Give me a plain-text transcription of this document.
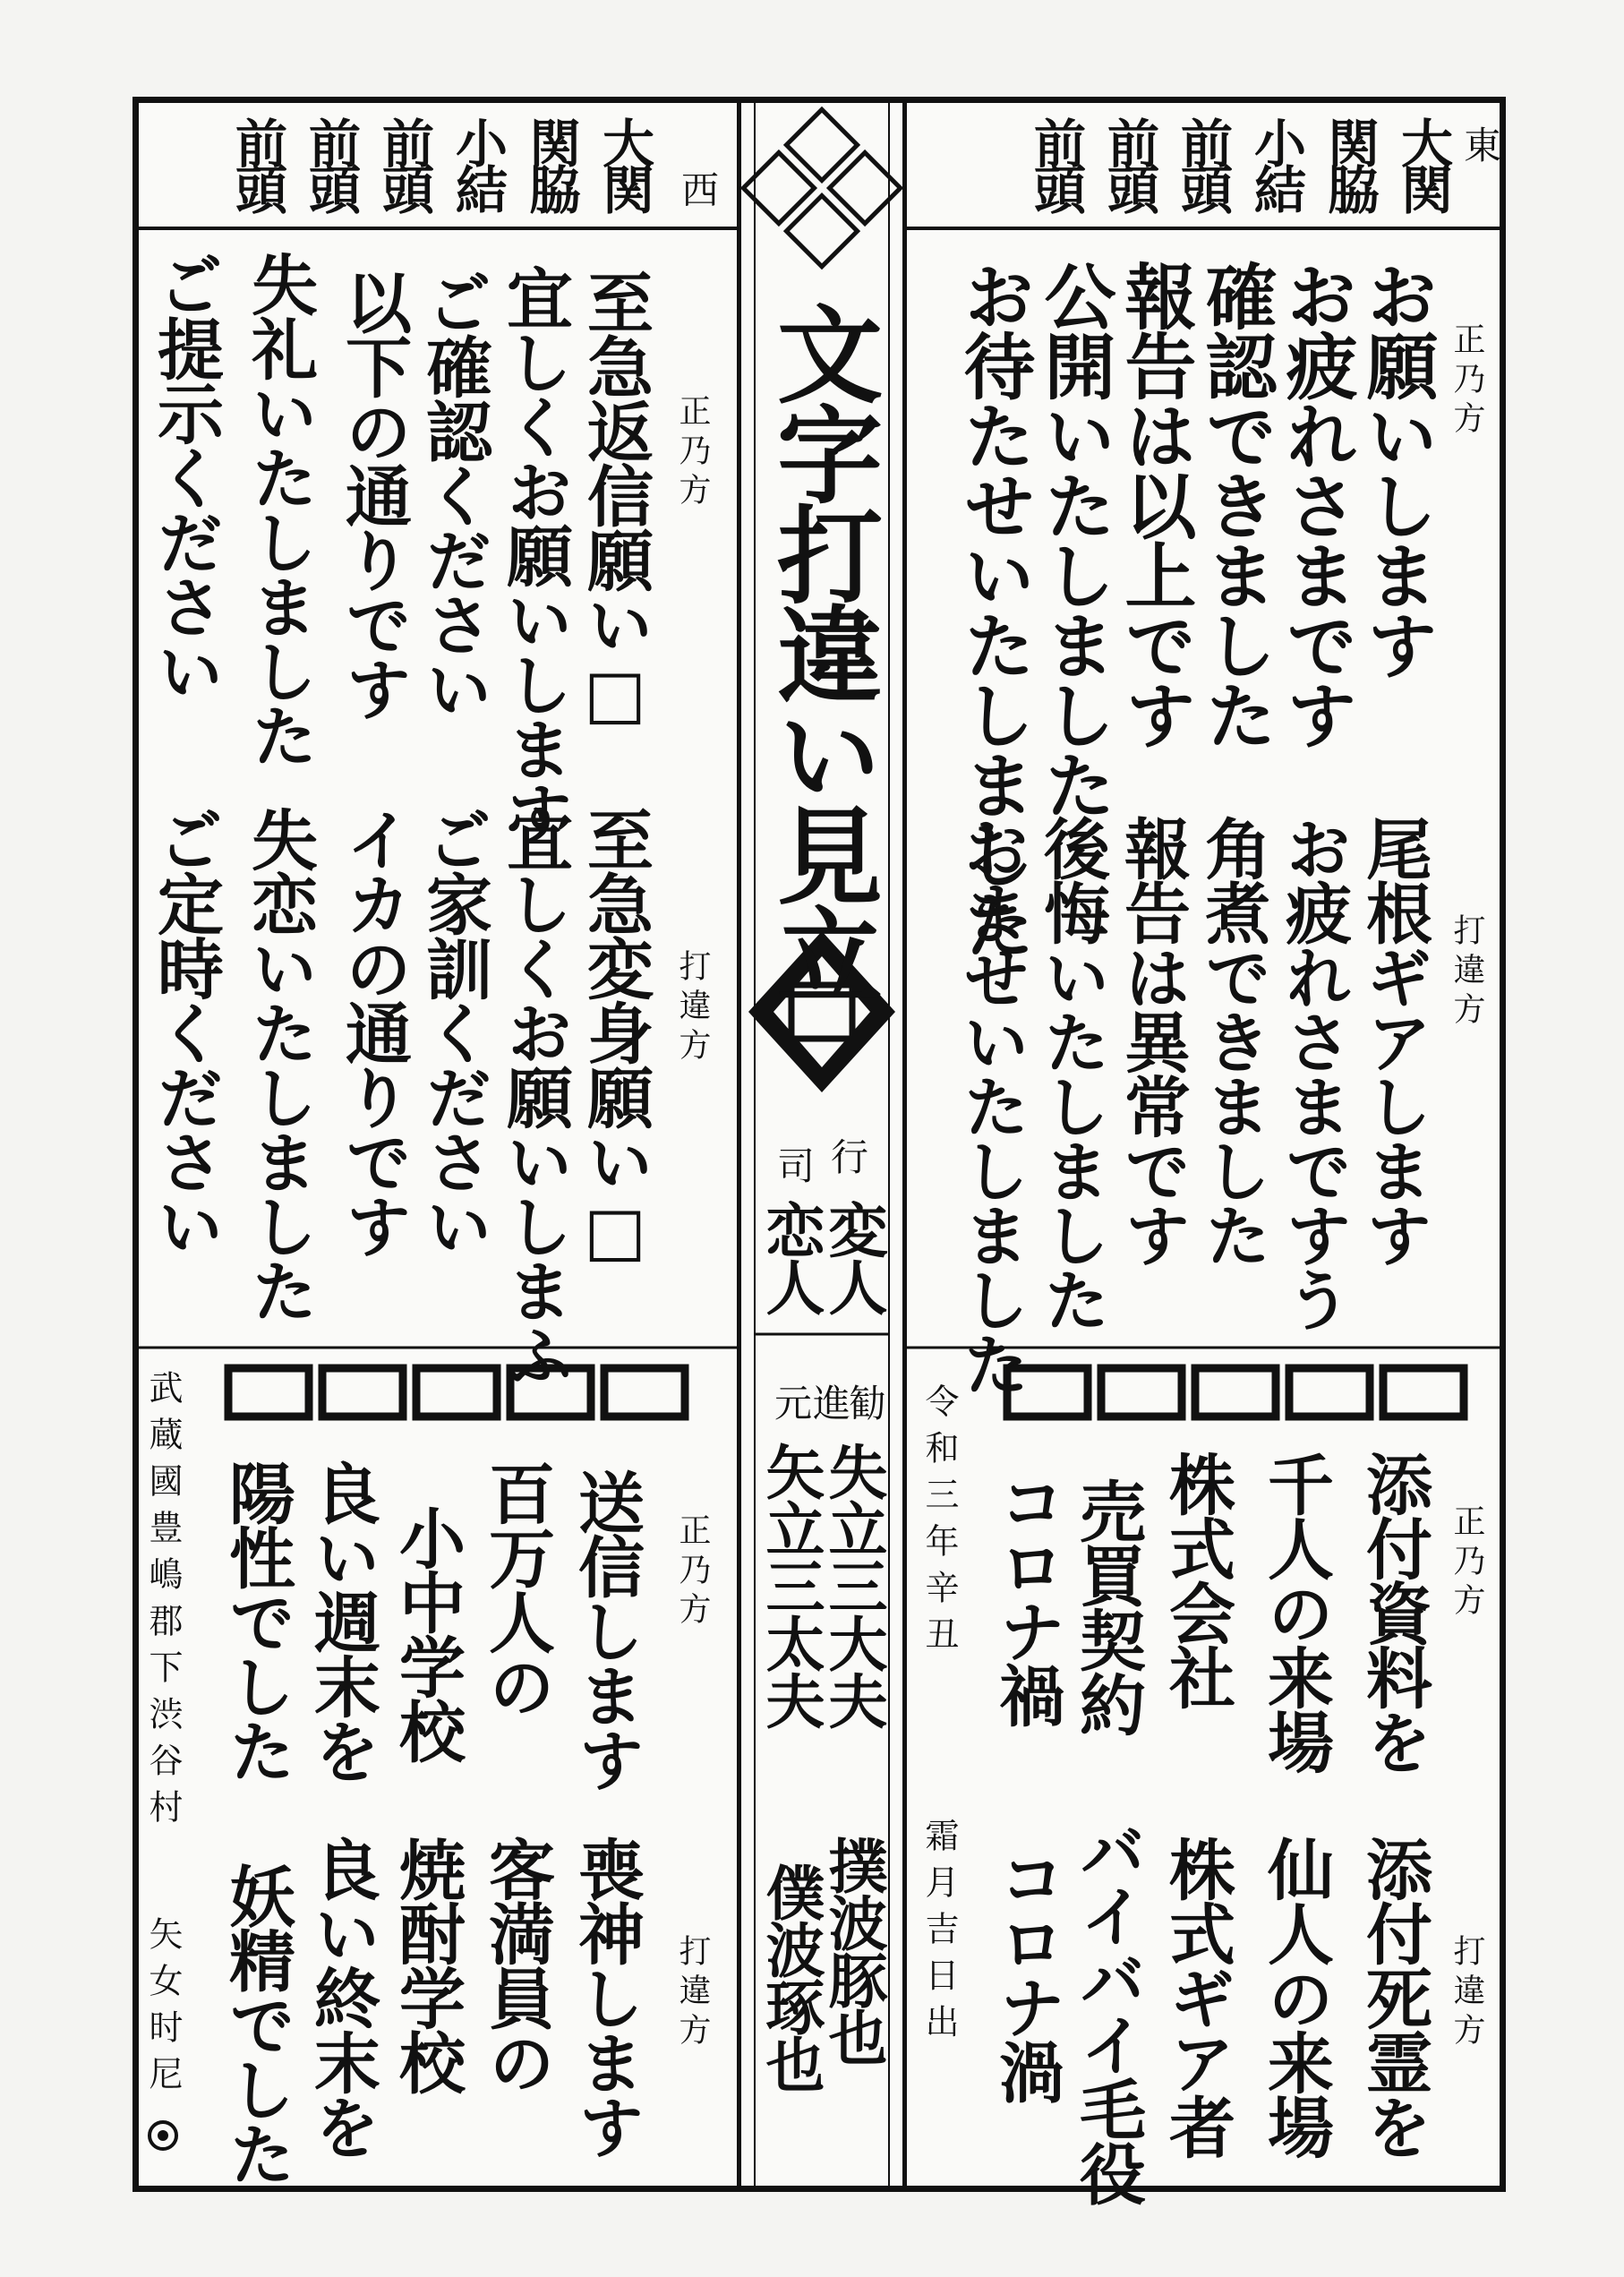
東
大関
関脇
小結
前頭
前頭
前頭
正乃方
お願いします
お疲れさまです
確認できました
報告は以上です
公開いたしました
お待たせいたしました
打違方
尾根ギアします
お疲れさまですう
角煮できました
報告は異常です
後悔いたしました
おませいたしました
正乃方
添付資料を
千人の来場
株式会社
売買契約
コロナ禍
令和三年辛丑
打違方
添付死霊を
仙人の来場
株式ギア者
バイバイ毛役
コロナ渦
霜月吉日出
文字打違い見立
行
司
変人
恋人
勧
進
元
失立三大夫
矢立三太夫
撲波豚也
僕波琢也
西
大関
関脇
小結
前頭
前頭
前頭
正乃方
至急返信願い□
宜しくお願いします
ご確認ください
以下の通りです
失礼いたしました
ご提示ください
打違方
至急変身願い□
宜しくお願いしまふ
ご家訓ください
イカの通りです
失恋いたしました
ご定時ください
正乃方
送信します
百万人の
小中学校
良い週末を
陽性でした
打違方
喪神します
客満員の
焼酎学校
良い終末を
妖精でした
武蔵國豊嶋郡下渋谷村
矢女时尼
